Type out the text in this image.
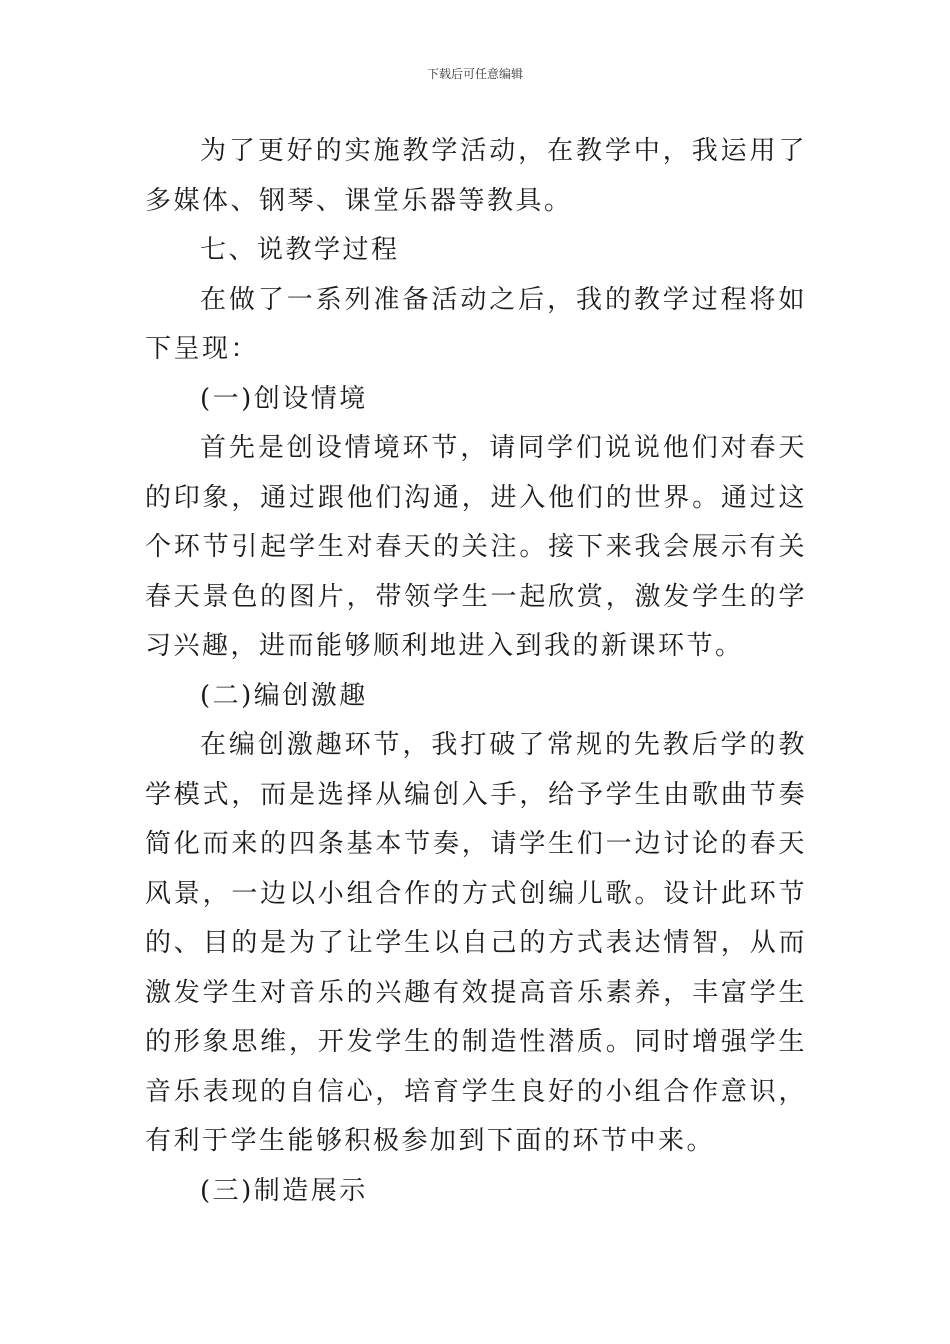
下载后可任意编辑

为了更好的实施教学活动，在教学中，我运用了多媒体、钢琴、课堂乐器等教具。

七、说教学过程

在做了一系列准备活动之后，我的教学过程将如下呈现：

(一)创设情境

首先是创设情境环节，请同学们说说他们对春天的印象，通过跟他们沟通，进入他们的世界。通过这个环节引起学生对春天的关注。接下来我会展示有关春天景色的图片，带领学生一起欣赏，激发学生的学习兴趣，进而能够顺利地进入到我的新课环节。

(二)编创激趣

在编创激趣环节，我打破了常规的先教后学的教学模式，而是选择从编创入手，给予学生由歌曲节奏简化而来的四条基本节奏，请学生们一边讨论的春天风景，一边以小组合作的方式创编儿歌。设计此环节的、目的是为了让学生以自己的方式表达情智，从而激发学生对音乐的兴趣有效提高音乐素养，丰富学生的形象思维，开发学生的制造性潜质。同时增强学生音乐表现的自信心，培育学生良好的小组合作意识，有利于学生能够积极参加到下面的环节中来。

(三)制造展示
